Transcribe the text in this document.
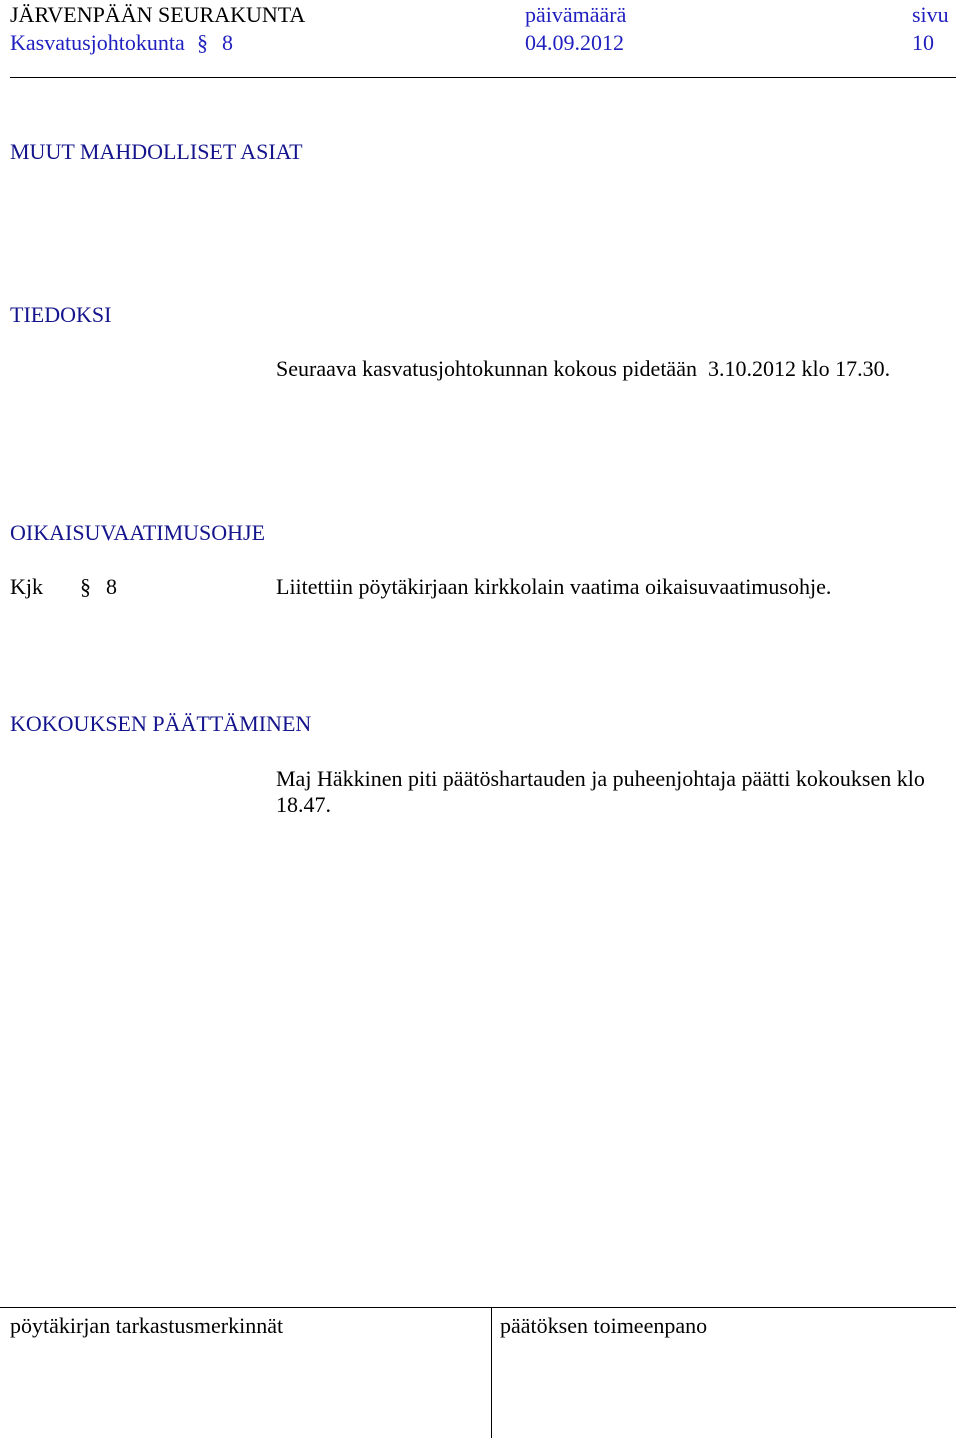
JÄRVENPÄÄN SEURAKUNTA	päivämäärä	sivu
Kasvatusjohtokunta § 8	04.09.2012	10
MUUT MAHDOLLISET ASIAT
TIEDOKSI
Seuraava kasvatusjohtokunnan kokous pidetään  3.10.2012 klo 17.30.
OIKAISUVAATIMUSOHJE
Kjk § 8	Liitettiin pöytäkirjaan kirkkolain vaatima oikaisuvaatimusohje.
KOKOUKSEN PÄÄTTÄMINEN
Maj Häkkinen piti päätöshartauden ja puheenjohtaja päätti kokouksen klo 18.47.
pöytäkirjan tarkastusmerkinnät	päätöksen toimeenpano
